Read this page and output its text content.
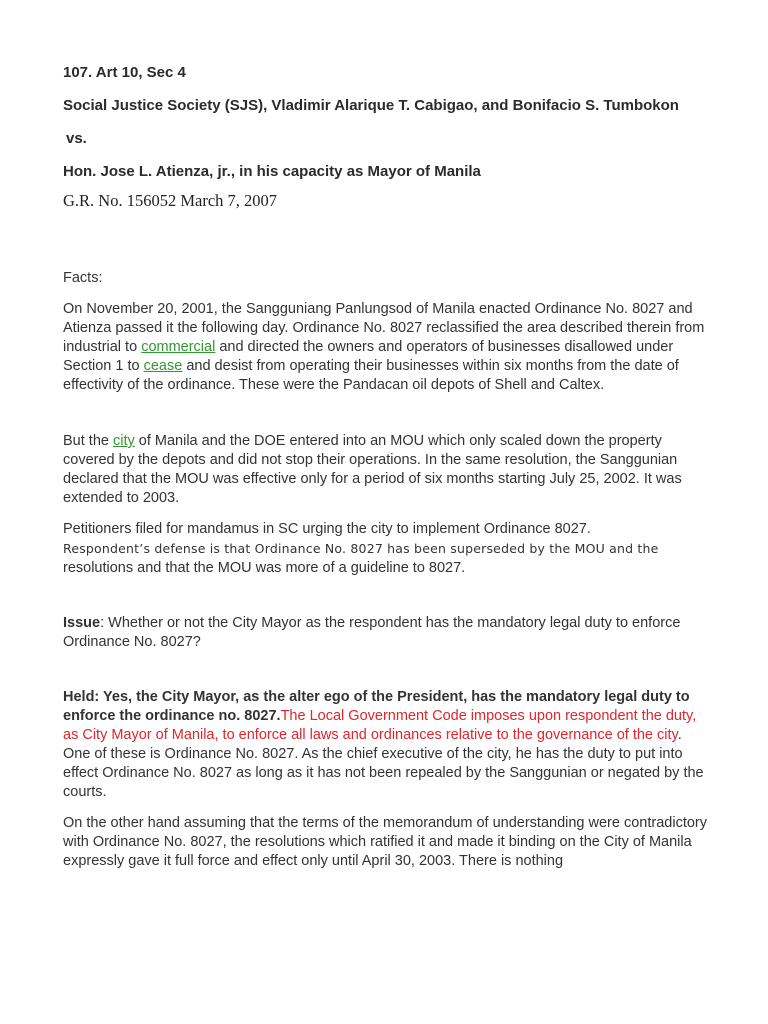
107. Art 10, Sec 4
Social Justice Society (SJS), Vladimir Alarique T. Cabigao, and Bonifacio S. Tumbokon
vs.
Hon. Jose L. Atienza, jr., in his capacity as Mayor of Manila
G.R. No. 156052 March 7, 2007

Facts:

On November 20, 2001, the Sangguniang Panlungsod of Manila enacted Ordinance No. 8027 and Atienza passed it the following day. Ordinance No. 8027 reclassified the area described therein from industrial to commercial and directed the owners and operators of businesses disallowed under Section 1 to cease and desist from operating their businesses within six months from the date of effectivity of the ordinance. These were the Pandacan oil depots of Shell and Caltex.

But the city of Manila and the DOE entered into an MOU which only scaled down the property covered by the depots and did not stop their operations. In the same resolution, the Sanggunian declared that the MOU was effective only for a period of six months starting July 25, 2002. It was extended to 2003.

Petitioners filed for mandamus in SC urging the city to implement Ordinance 8027.
Respondent’s defense is that Ordinance No. 8027 has been superseded by the MOU and the
resolutions and that the MOU was more of a guideline to 8027.

Issue: Whether or not the City Mayor as the respondent has the mandatory legal duty to enforce Ordinance No. 8027?

Held: Yes, the City Mayor, as the alter ego of the President, has the mandatory legal duty to enforce the ordinance no. 8027.The Local Government Code imposes upon respondent the duty, as City Mayor of Manila, to enforce all laws and ordinances relative to the governance of the city. One of these is Ordinance No. 8027. As the chief executive of the city, he has the duty to put into effect Ordinance No. 8027 as long as it has not been repealed by the Sanggunian or negated by the courts.

On the other hand assuming that the terms of the memorandum of understanding were contradictory with Ordinance No. 8027, the resolutions which ratified it and made it binding on the City of Manila expressly gave it full force and effect only until April 30, 2003. There is nothing
